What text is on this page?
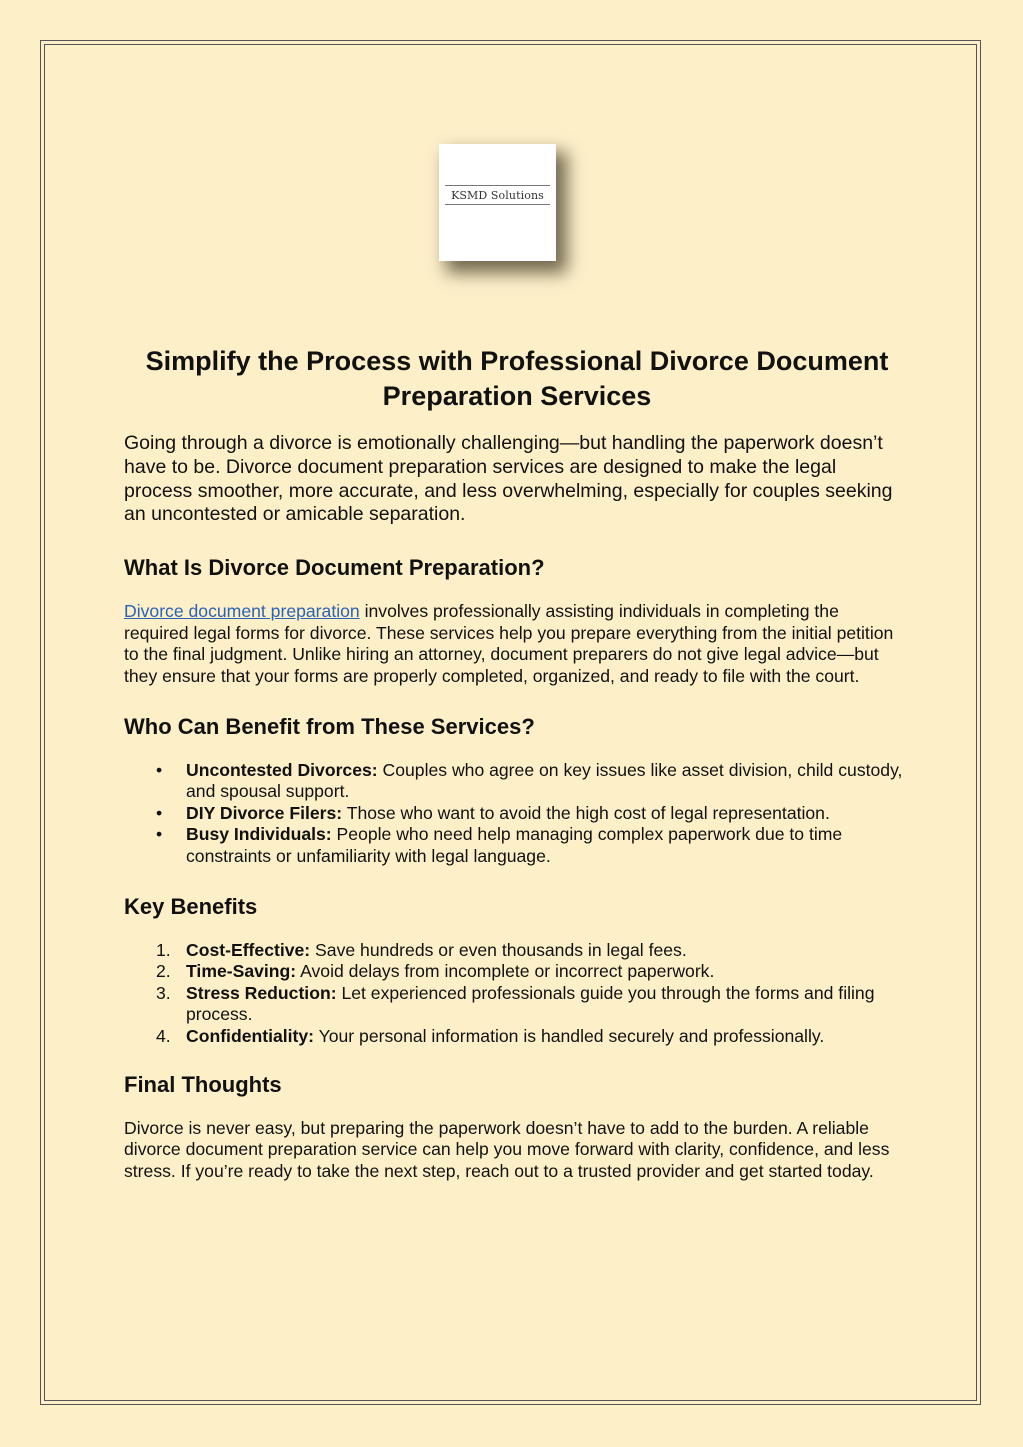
KSMD Solutions
Simplify the Process with Professional Divorce Document Preparation Services

Going through a divorce is emotionally challenging—but handling the paperwork doesn’t have to be. Divorce document preparation services are designed to make the legal process smoother, more accurate, and less overwhelming, especially for couples seeking an uncontested or amicable separation.

What Is Divorce Document Preparation?

Divorce document preparation involves professionally assisting individuals in completing the required legal forms for divorce. These services help you prepare everything from the initial petition to the final judgment. Unlike hiring an attorney, document preparers do not give legal advice—but they ensure that your forms are properly completed, organized, and ready to file with the court.

Who Can Benefit from These Services?
• Uncontested Divorces: Couples who agree on key issues like asset division, child custody, and spousal support.
• DIY Divorce Filers: Those who want to avoid the high cost of legal representation.
• Busy Individuals: People who need help managing complex paperwork due to time constraints or unfamiliarity with legal language.
Key Benefits
1. Cost-Effective: Save hundreds or even thousands in legal fees.
2. Time-Saving: Avoid delays from incomplete or incorrect paperwork.
3. Stress Reduction: Let experienced professionals guide you through the forms and filing process.
4. Confidentiality: Your personal information is handled securely and professionally.
Final Thoughts

Divorce is never easy, but preparing the paperwork doesn’t have to add to the burden. A reliable divorce document preparation service can help you move forward with clarity, confidence, and less stress. If you’re ready to take the next step, reach out to a trusted provider and get started today.
